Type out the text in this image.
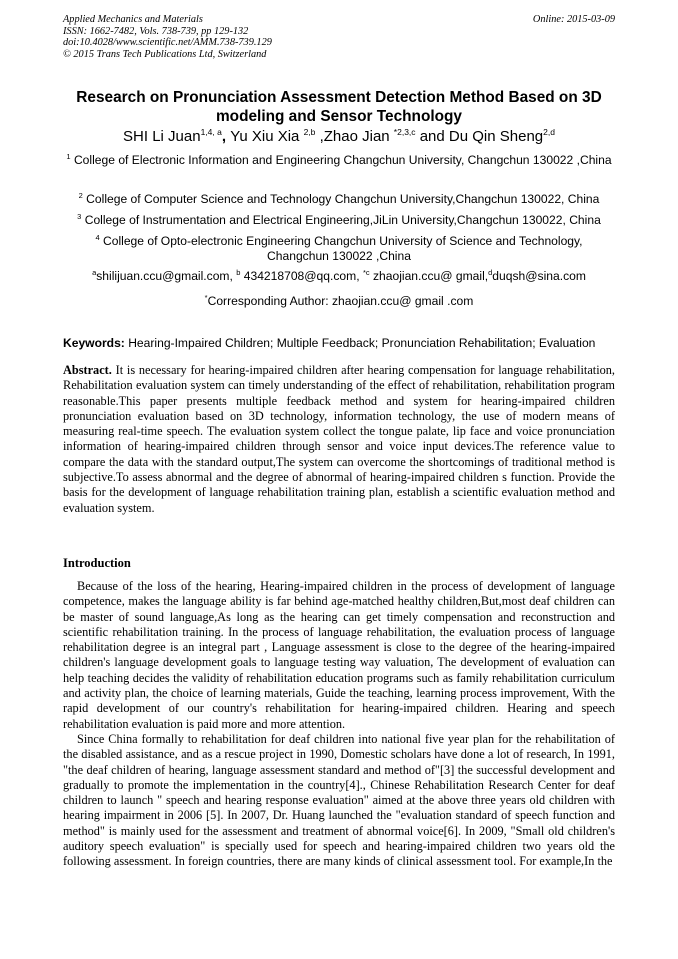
Applied Mechanics and Materials
ISSN: 1662-7482, Vols. 738-739, pp 129-132
doi:10.4028/www.scientific.net/AMM.738-739.129
© 2015 Trans Tech Publications Ltd, Switzerland
Online: 2015-03-09
Research on Pronunciation Assessment Detection Method Based on 3D modeling and Sensor Technology
SHI Li Juan$^{1,4, a}$, Yu Xiu Xia $^{2,b}$ ,Zhao Jian $^{*2,3,c}$ and Du Qin Sheng$^{2,d}$
$^1$ College of Electronic Information and Engineering Changchun University, Changchun 130022 ,China
$^2$ College of Computer Science and Technology Changchun University,Changchun 130022, China
$^3$ College of Instrumentation and Electrical Engineering,JiLin University,Changchun 130022, China
$^4$ College of Opto-electronic Engineering Changchun University of Science and Technology, Changchun 130022 ,China
$^a$shilijuan.ccu@gmail.com, $^b$ 434218708@qq.com, $^{*c}$ zhaojian.ccu@ gmail,$^d$duqsh@sina.com
*Corresponding Author: zhaojian.ccu@ gmail .com
Keywords: Hearing-Impaired Children; Multiple Feedback; Pronunciation Rehabilitation; Evaluation
Abstract. It is necessary for hearing-impaired children after hearing compensation for language rehabilitation, Rehabilitation evaluation system can timely understanding of the effect of rehabilitation, rehabilitation program reasonable.This paper presents multiple feedback method and system for hearing-impaired children pronunciation evaluation based on 3D technology, information technology, the use of modern means of measuring real-time speech. The evaluation system collect the tongue palate, lip face and voice pronunciation information of hearing-impaired children through sensor and voice input devices.The reference value to compare the data with the standard output,The system can overcome the shortcomings of traditional method is subjective.To assess abnormal and the degree of abnormal of hearing-impaired children s function. Provide the basis for the development of language rehabilitation training plan, establish a scientific evaluation method and evaluation system.
Introduction

Because of the loss of the hearing, Hearing-impaired children in the process of development of language competence, makes the language ability is far behind age-matched healthy children,But,most deaf children can be master of sound language,As long as the hearing can get timely compensation and reconstruction and scientific rehabilitation training. In the process of language rehabilitation, the evaluation process of language rehabilitation degree is an integral part , Language assessment is close to the degree of the hearing-impaired children's language development goals to language testing way valuation, The development of evaluation can help teaching decides the validity of rehabilitation education programs such as family rehabilitation curriculum and activity plan, the choice of learning materials, Guide the teaching, learning process improvement, With the rapid development of our country's rehabilitation for hearing-impaired children. Hearing and speech rehabilitation evaluation is paid more and more attention.

Since China formally to rehabilitation for deaf children into national five year plan for the rehabilitation of the disabled assistance, and as a rescue project in 1990, Domestic scholars have done a lot of research, In 1991, "the deaf children of hearing, language assessment standard and method of"[3] the successful development and gradually to promote the implementation in the country[4]., Chinese Rehabilitation Research Center for deaf children to launch " speech and hearing response evaluation" aimed at the above three years old children with hearing impairment in 2006 [5]. In 2007, Dr. Huang launched the "evaluation standard of speech function and method" is mainly used for the assessment and treatment of abnormal voice[6]. In 2009, "Small old children's auditory speech evaluation" is specially used for speech and hearing-impaired children two years old the following assessment. In foreign countries, there are many kinds of clinical assessment tool. For example,In the
